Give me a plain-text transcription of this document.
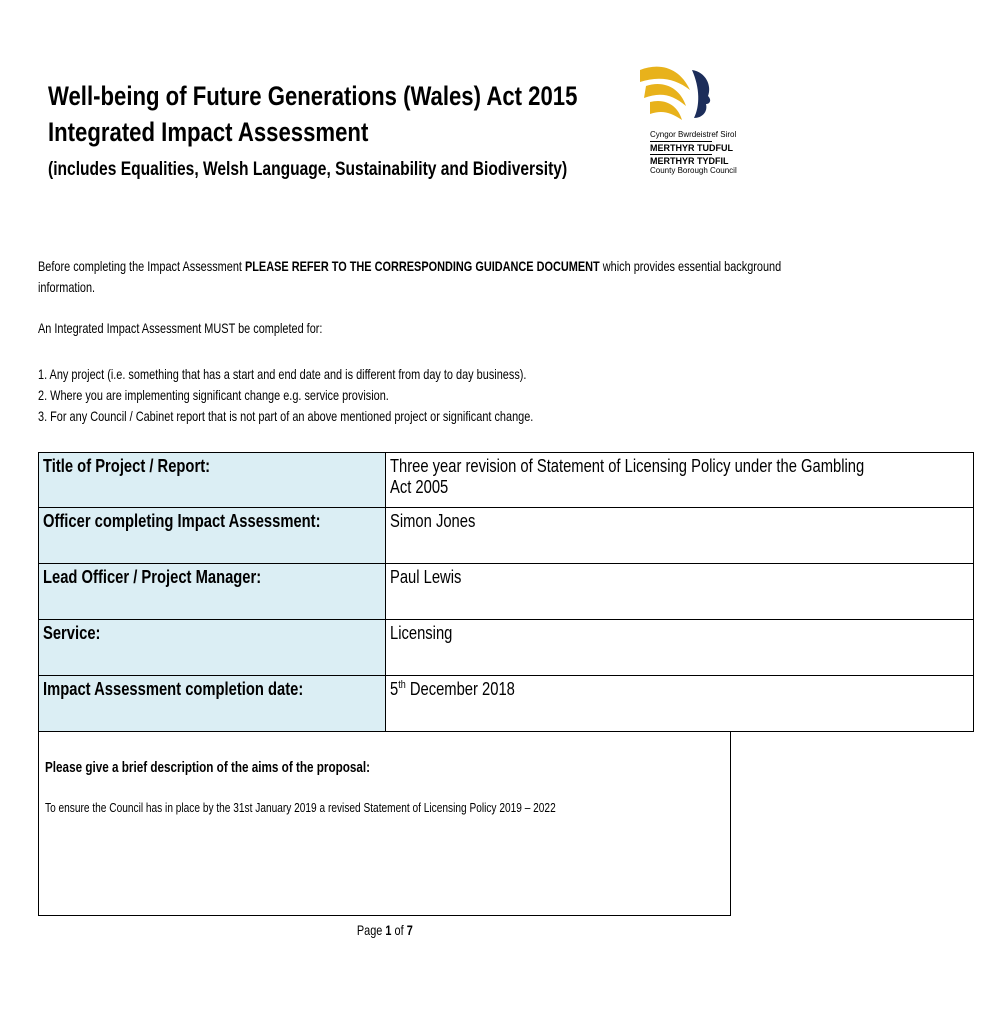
Well-being of Future Generations (Wales) Act 2015
Integrated Impact Assessment
(includes Equalities, Welsh Language, Sustainability and Biodiversity)
Cyngor Bwrdeistref Sirol
MERTHYR TUDFUL
MERTHYR TYDFIL
County Borough Council
Before completing the Impact Assessment PLEASE REFER TO THE CORRESPONDING GUIDANCE DOCUMENT which provides essential background
information.
An Integrated Impact Assessment MUST be completed for:
1. Any project (i.e. something that has a start and end date and is different from day to day business).
2. Where you are implementing significant change e.g. service provision.
3. For any Council / Cabinet report that is not part of an above mentioned project or significant change.
Title of Project / Report:	Three year revision of Statement of Licensing Policy under the Gambling
Act 2005
Officer completing Impact Assessment:	Simon Jones
Lead Officer / Project Manager:	Paul Lewis
Service:	Licensing
Impact Assessment completion date:	5th December 2018
Please give a brief description of the aims of the proposal:
To ensure the Council has in place by the 31st January 2019 a revised Statement of Licensing Policy 2019 – 2022
Page 1 of 7
